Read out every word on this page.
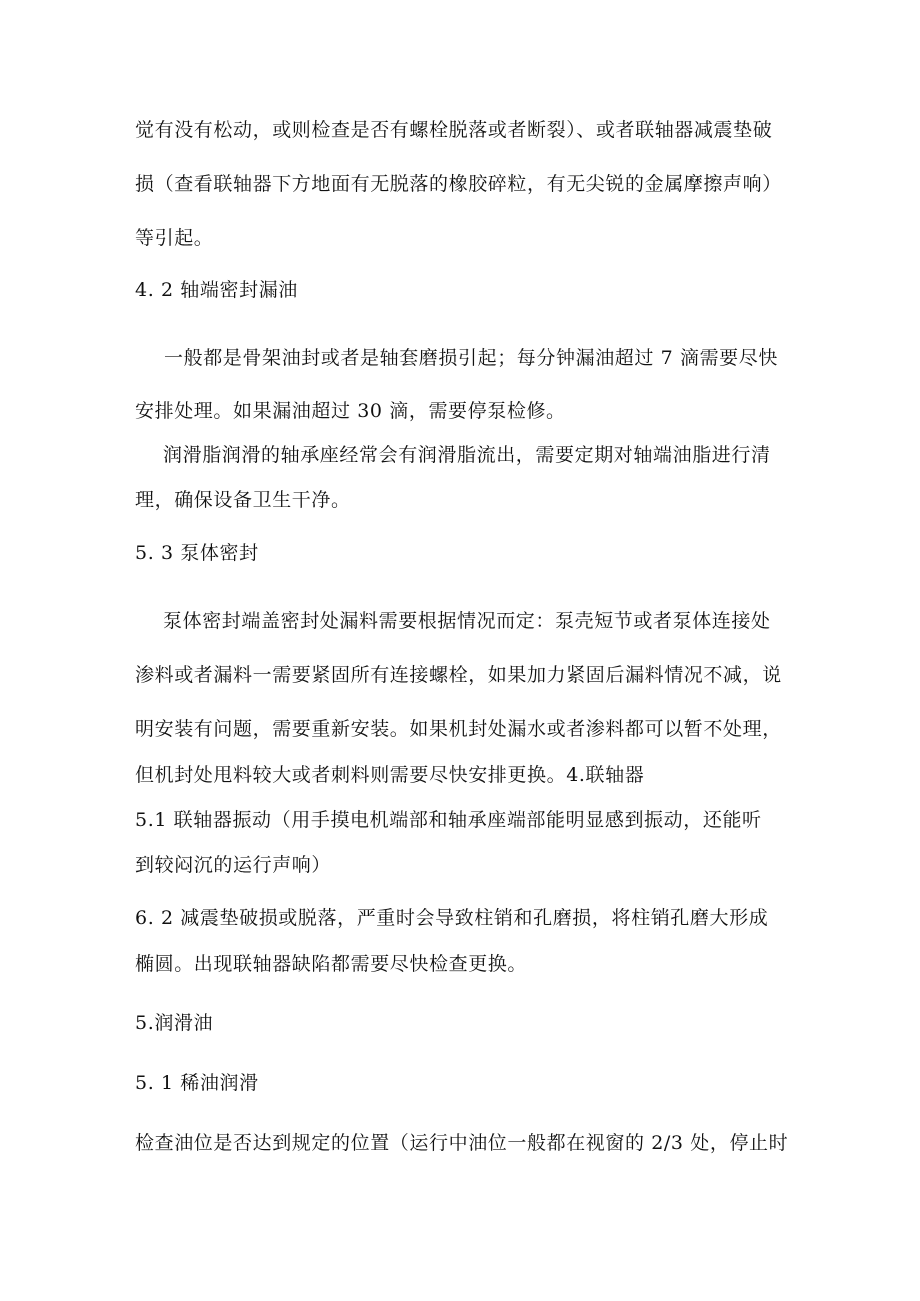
觉有没有松动，或则检查是否有螺栓脱落或者断裂）、或者联轴器减震垫破
损（查看联轴器下方地面有无脱落的橡胶碎粒，有无尖锐的金属摩擦声响）
等引起。
4. 2 轴端密封漏油
一般都是骨架油封或者是轴套磨损引起；每分钟漏油超过 7 滴需要尽快
安排处理。如果漏油超过 30 滴，需要停泵检修。
润滑脂润滑的轴承座经常会有润滑脂流出，需要定期对轴端油脂进行清
理，确保设备卫生干净。
5. 3 泵体密封
泵体密封端盖密封处漏料需要根据情况而定：泵壳短节或者泵体连接处
渗料或者漏料一需要紧固所有连接螺栓，如果加力紧固后漏料情况不减，说
明安装有问题，需要重新安装。如果机封处漏水或者渗料都可以暂不处理，
但机封处甩料较大或者刺料则需要尽快安排更换。4.联轴器
5.1 联轴器振动（用手摸电机端部和轴承座端部能明显感到振动，还能听
到较闷沉的运行声响）
6. 2 减震垫破损或脱落，严重时会导致柱销和孔磨损，将柱销孔磨大形成
椭圆。出现联轴器缺陷都需要尽快检查更换。
5.润滑油
5. 1 稀油润滑
检查油位是否达到规定的位置（运行中油位一般都在视窗的 2/3 处，停止时
